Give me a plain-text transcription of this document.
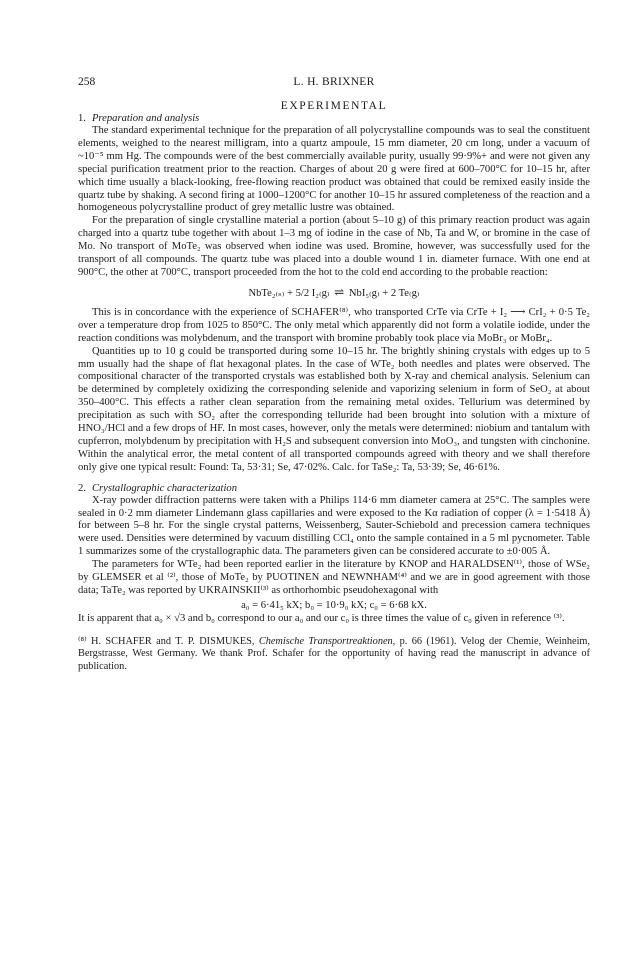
258	L. H. BRIXNER
EXPERIMENTAL
1. Preparation and analysis

The standard experimental technique for the preparation of all polycrystalline compounds was to seal the constituent elements, weighed to the nearest milligram, into a quartz ampoule, 15 mm diameter, 20 cm long, under a vacuum of ~10⁻⁵ mm Hg. The compounds were of the best commercially available purity, usually 99·9%+ and were not given any special purification treatment prior to the reaction. Charges of about 20 g were fired at 600–700°C for 10–15 hr, after which time usually a black-looking, free-flowing reaction product was obtained that could be remixed easily inside the quartz tube by shaking. A second firing at 1000–1200°C for another 10–15 hr assured completeness of the reaction and a homogeneous polycrystalline product of grey metallic lustre was obtained.

For the preparation of single crystalline material a portion (about 5–10 g) of this primary reaction product was again charged into a quartz tube together with about 1–3 mg of iodine in the case of Nb, Ta and W, or bromine in the case of Mo. No transport of MoTe₂ was observed when iodine was used. Bromine, however, was successfully used for the transport of all compounds. The quartz tube was placed into a double wound 1 in. diameter furnace. With one end at 900°C, the other at 700°C, transport proceeded from the hot to the cold end according to the probable reaction:

NbTe₂₍ₛ₎ + 5/2 I₂₍g₎ ⇌ NbI₅₍g₎ + 2 Te₍g₎

This is in concordance with the experience of SCHAFER⁽⁸⁾, who transported CrTe via CrTe + I₂ ⟶ CrI₂ + 0·5 Te₂ over a temperature drop from 1025 to 850°C. The only metal which apparently did not form a volatile iodide, under the reaction conditions was molybdenum, and the transport with bromine probably took place via MoBr₃ or MoBr₄.

Quantities up to 10 g could be transported during some 10–15 hr. The brightly shining crystals with edges up to 5 mm usually had the shape of flat hexagonal plates. In the case of WTe₂ both needles and plates were observed. The compositional character of the transported crystals was established both by X-ray and chemical analysis. Selenium can be determined by completely oxidizing the corresponding selenide and vaporizing selenium in form of SeO₂ at about 350–400°C. This effects a rather clean separation from the remaining metal oxides. Tellurium was determined by precipitation as such with SO₂ after the corresponding telluride had been brought into solution with a mixture of HNO₃/HCl and a few drops of HF. In most cases, however, only the metals were determined: niobium and tantalum with cupferron, molybdenum by precipitation with H₂S and subsequent conversion into MoO₃, and tungsten with cinchonine. Within the analytical error, the metal content of all transported compounds agreed with theory and we shall therefore only give one typical result: Found: Ta, 53·31; Se, 47·02%. Calc. for TaSe₂: Ta, 53·39; Se, 46·61%.

2. Crystallographic characterization

X-ray powder diffraction patterns were taken with a Philips 114·6 mm diameter camera at 25°C. The samples were sealed in 0·2 mm diameter Lindemann glass capillaries and were exposed to the Kα radiation of copper (λ = 1·5418 Å) for between 5–8 hr. For the single crystal patterns, Weissenberg, Sauter-Schiebold and precession camera techniques were used. Densities were determined by vacuum distilling CCl₄ onto the sample contained in a 5 ml pycnometer. Table 1 summarizes some of the crystallographic data. The parameters given can be considered accurate to ±0·005 Å.

The parameters for WTe₂ had been reported earlier in the literature by KNOP and HARALDSEN⁽¹⁾, those of WSe₂ by GLEMSER et al ⁽²⁾, those of MoTe₂ by PUOTINEN and NEWNHAM⁽⁴⁾ and we are in good agreement with those data; TaTe₂ was reported by UKRAINSKII⁽³⁾ as orthorhombic pseudohexagonal with

a₀ = 6·41₅ kX; b₀ = 10·9₀ kX; c₀ = 6·68 kX.

It is apparent that a₀ × √3 and b₀ correspond to our a₀ and our c₀ is three times the value of c₀ given in reference ⁽³⁾.

⁽⁸⁾ H. SCHAFER and T. P. DISMUKES, Chemische Transportreaktionen, p. 66 (1961). Velog der Chemie, Weinheim, Bergstrasse, West Germany. We thank Prof. Schafer for the opportunity of having read the manuscript in advance of publication.
